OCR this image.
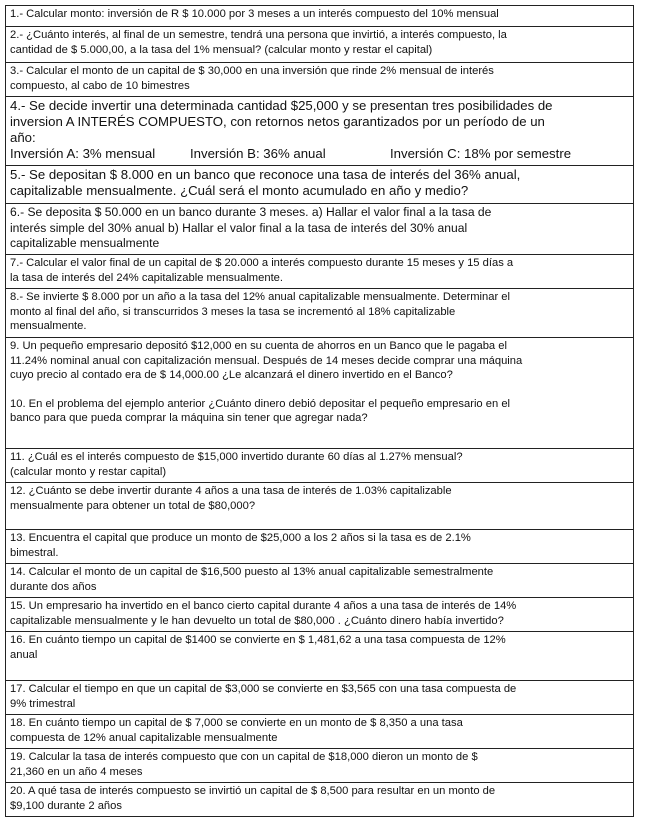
1.- Calcular monto: inversión de R $ 10.000 por 3 meses a un interés compuesto del 10% mensual

2.- ¿Cuánto interés, al final de un semestre, tendrá una persona que invirtió, a interés compuesto, la
cantidad de $ 5.000,00, a la tasa del 1% mensual? (calcular monto y restar el capital)

3.- Calcular el monto de un capital de $ 30,000 en una inversión que rinde 2% mensual de interés
compuesto, al cabo de 10 bimestres

4.- Se decide invertir una determinada cantidad $25,000 y se presentan tres posibilidades de
inversion A INTERÉS COMPUESTO, con retornos netos garantizados por un período de un
año:
Inversión A: 3% mensual	Inversión B: 36% anual	Inversión C: 18% por semestre

5.- Se depositan $ 8.000 en un banco que reconoce una tasa de interés del 36% anual,
capitalizable mensualmente. ¿Cuál será el monto acumulado en año y medio?

6.- Se deposita $ 50.000 en un banco durante 3 meses. a) Hallar el valor final a la tasa de
interés simple del 30% anual b) Hallar el valor final a la tasa de interés del 30% anual
capitalizable mensualmente

7.- Calcular el valor final de un capital de $ 20.000 a interés compuesto durante 15 meses y 15 días a
la tasa de interés del 24% capitalizable mensualmente.

8.- Se invierte $ 8.000 por un año a la tasa del 12% anual capitalizable mensualmente. Determinar el
monto al final del año, si transcurridos 3 meses la tasa se incrementó al 18% capitalizable
mensualmente.

9. Un pequeño empresario depositó $12,000 en su cuenta de ahorros en un Banco que le pagaba el
11.24% nominal anual con capitalización mensual. Después de 14 meses decide comprar una máquina
cuyo precio al contado era de $ 14,000.00 ¿Le alcanzará el dinero invertido en el Banco?
10. En el problema del ejemplo anterior ¿Cuánto dinero debió depositar el pequeño empresario en el
banco para que pueda comprar la máquina sin tener que agregar nada?

11. ¿Cuál es el interés compuesto de $15,000 invertido durante 60 días al 1.27% mensual?
(calcular monto y restar capital)

12. ¿Cuánto se debe invertir durante 4 años a una tasa de interés de 1.03% capitalizable
mensualmente para obtener un total de $80,000?

13. Encuentra el capital que produce un monto de $25,000 a los 2 años si la tasa es de 2.1%
bimestral.

14. Calcular el monto de un capital de $16,500 puesto al 13% anual capitalizable semestralmente
durante dos años

15. Un empresario ha invertido en el banco cierto capital durante 4 años a una tasa de interés de 14%
capitalizable mensualmente y le han devuelto un total de $80,000 . ¿Cuánto dinero había invertido?

16. En cuánto tiempo un capital de $1400 se convierte en $ 1,481,62 a una tasa compuesta de 12%
anual

17. Calcular el tiempo en que un capital de $3,000 se convierte en $3,565 con una tasa compuesta de
9% trimestral

18. En cuánto tiempo un capital de $ 7,000 se convierte en un monto de $ 8,350 a una tasa
compuesta de 12% anual capitalizable mensualmente

19. Calcular la tasa de interés compuesto que con un capital de $18,000 dieron un monto de $
21,360 en un año 4 meses

20. A qué tasa de interés compuesto se invirtió un capital de $ 8,500 para resultar en un monto de
$9,100 durante 2 años
